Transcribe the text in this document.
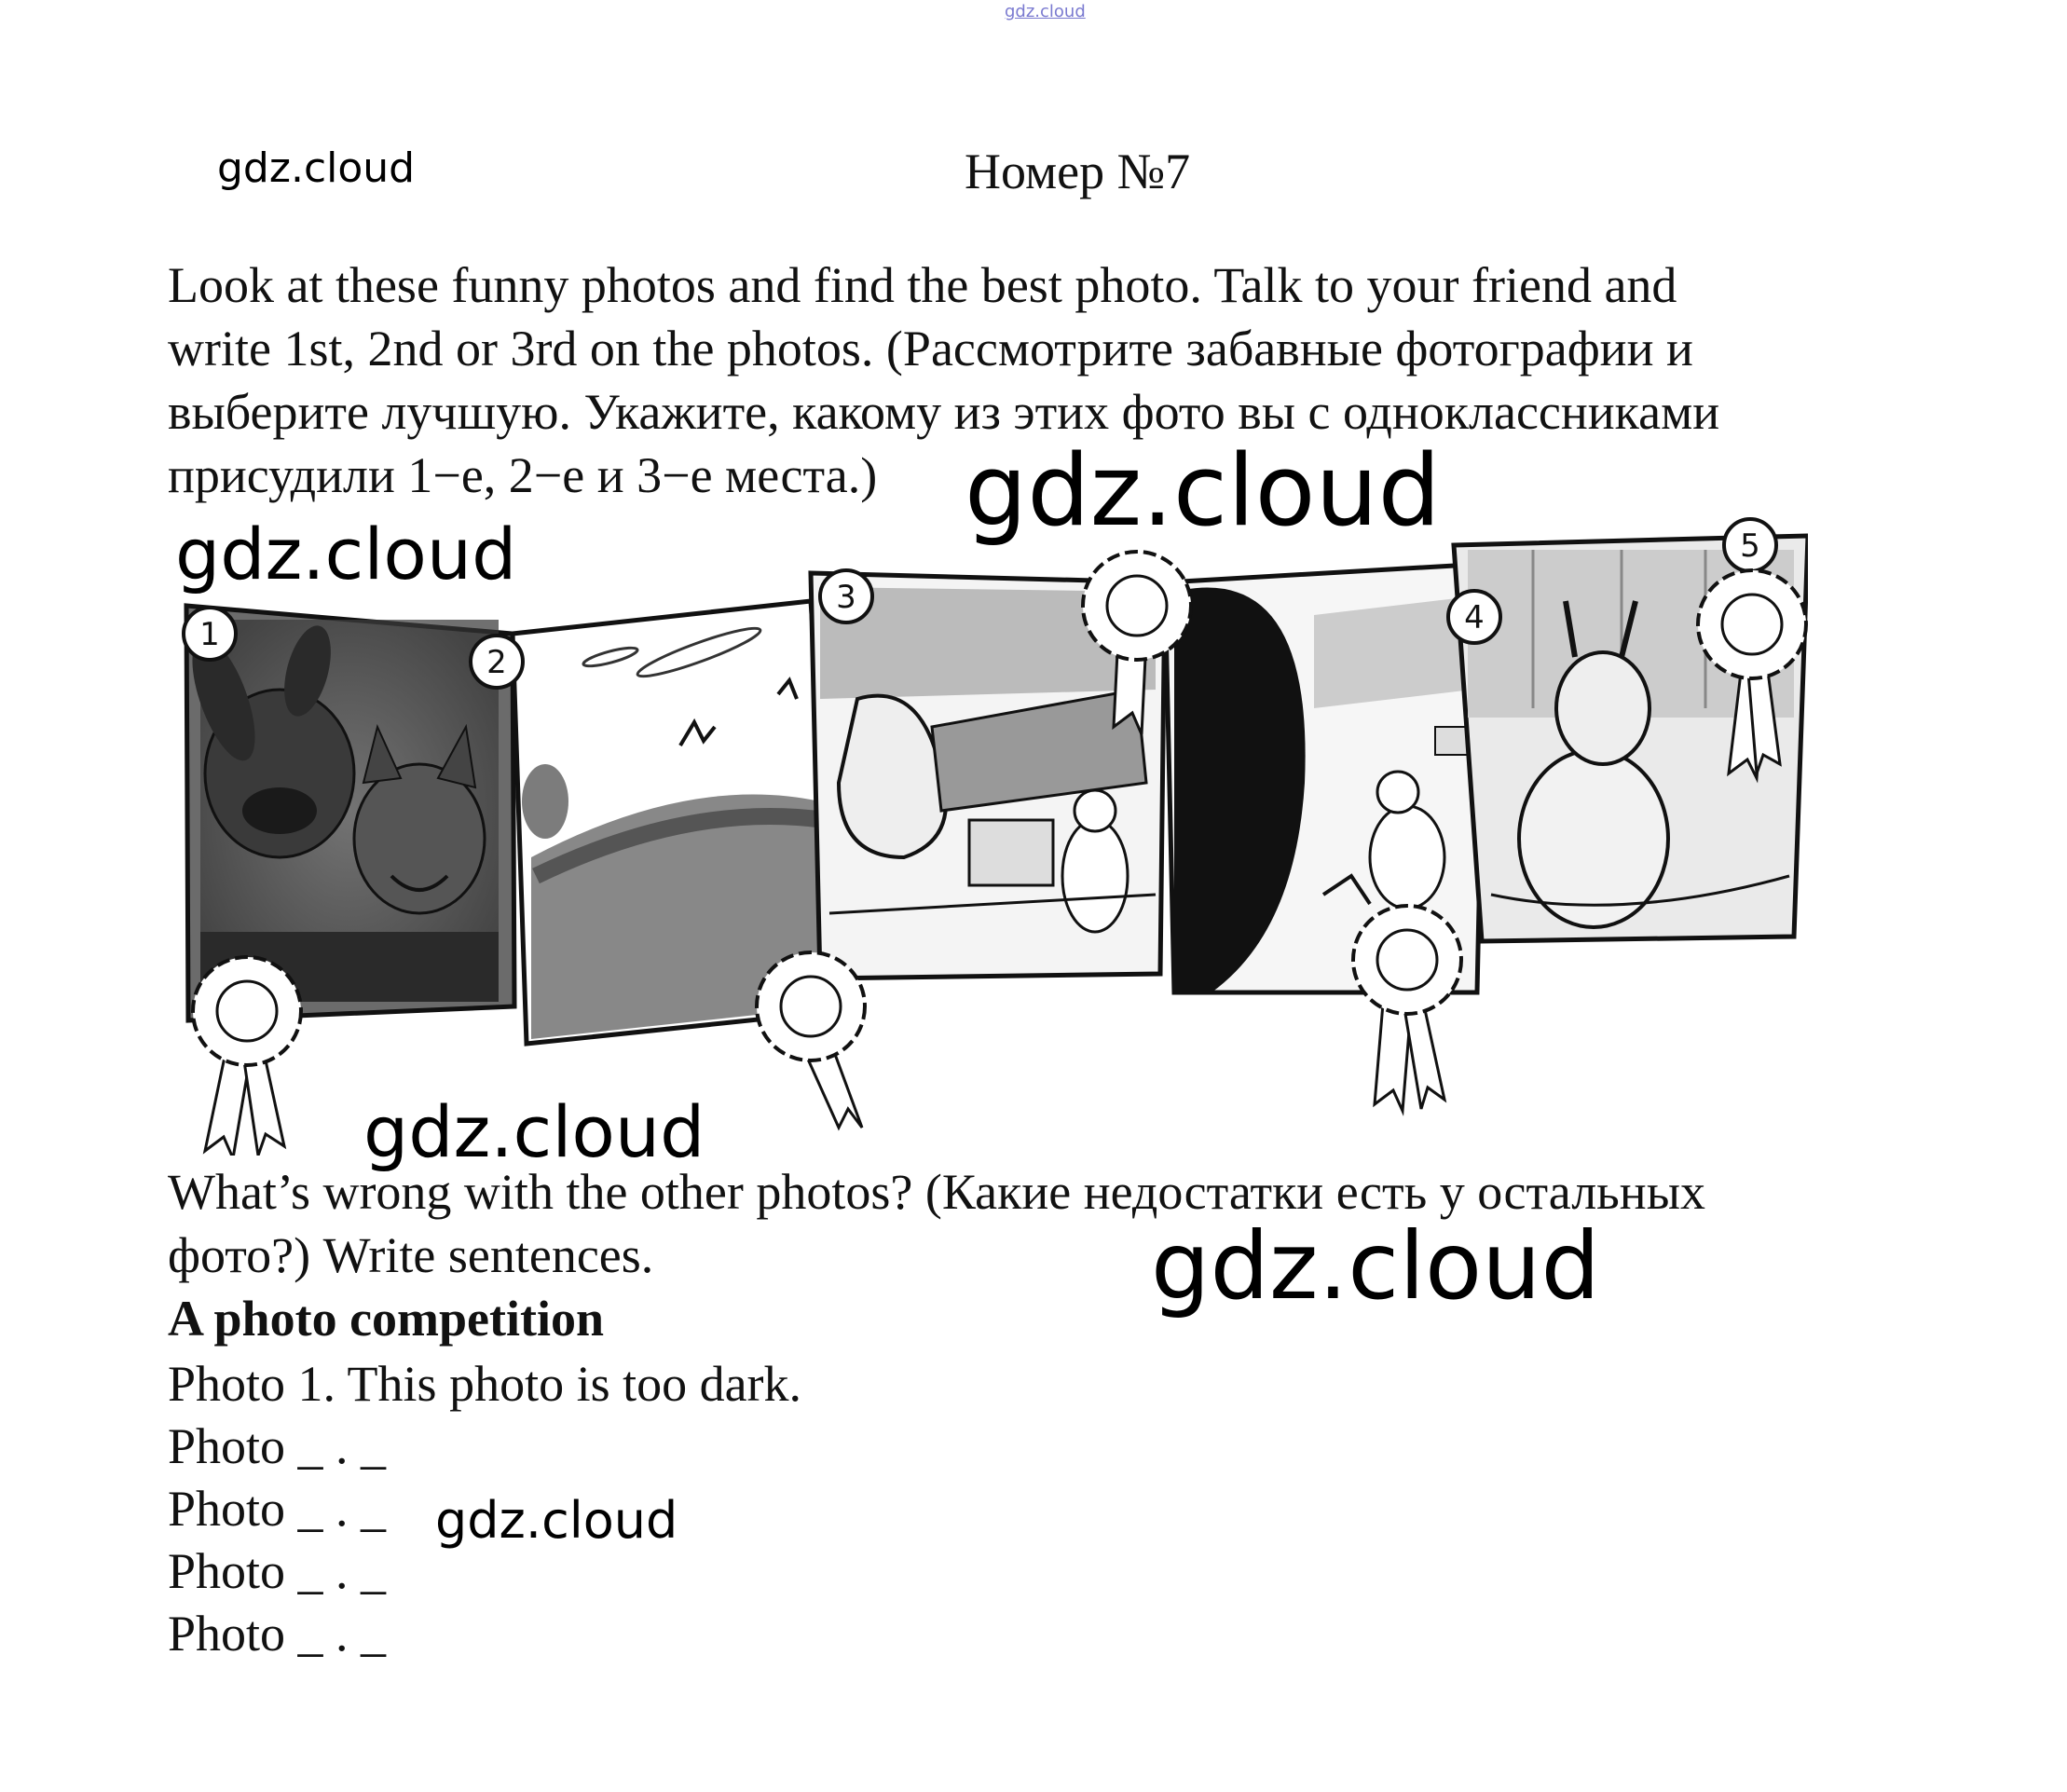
gdz.cloud
gdz.cloud	Номер №7
Look at these funny photos and find the best photo. Talk to your friend and
write 1st, 2nd or 3rd on the photos. (Рассмотрите забавные фотографии и
выберите лучшую. Укажите, какому из этих фото вы с одноклассниками
присудили 1−е, 2−е и 3−е места.)
1
2
3
4
5
gdz.cloud
gdz.cloud
gdz.cloud
What’s wrong with the other photos? (Какие недостатки есть у остальных
фото?) Write sentences.	gdz.cloud
A photo competition
Photo 1. This photo is too dark.
Photo _ . _
Photo _ . _
Photo _ . _
Photo _ . _
gdz.cloud
